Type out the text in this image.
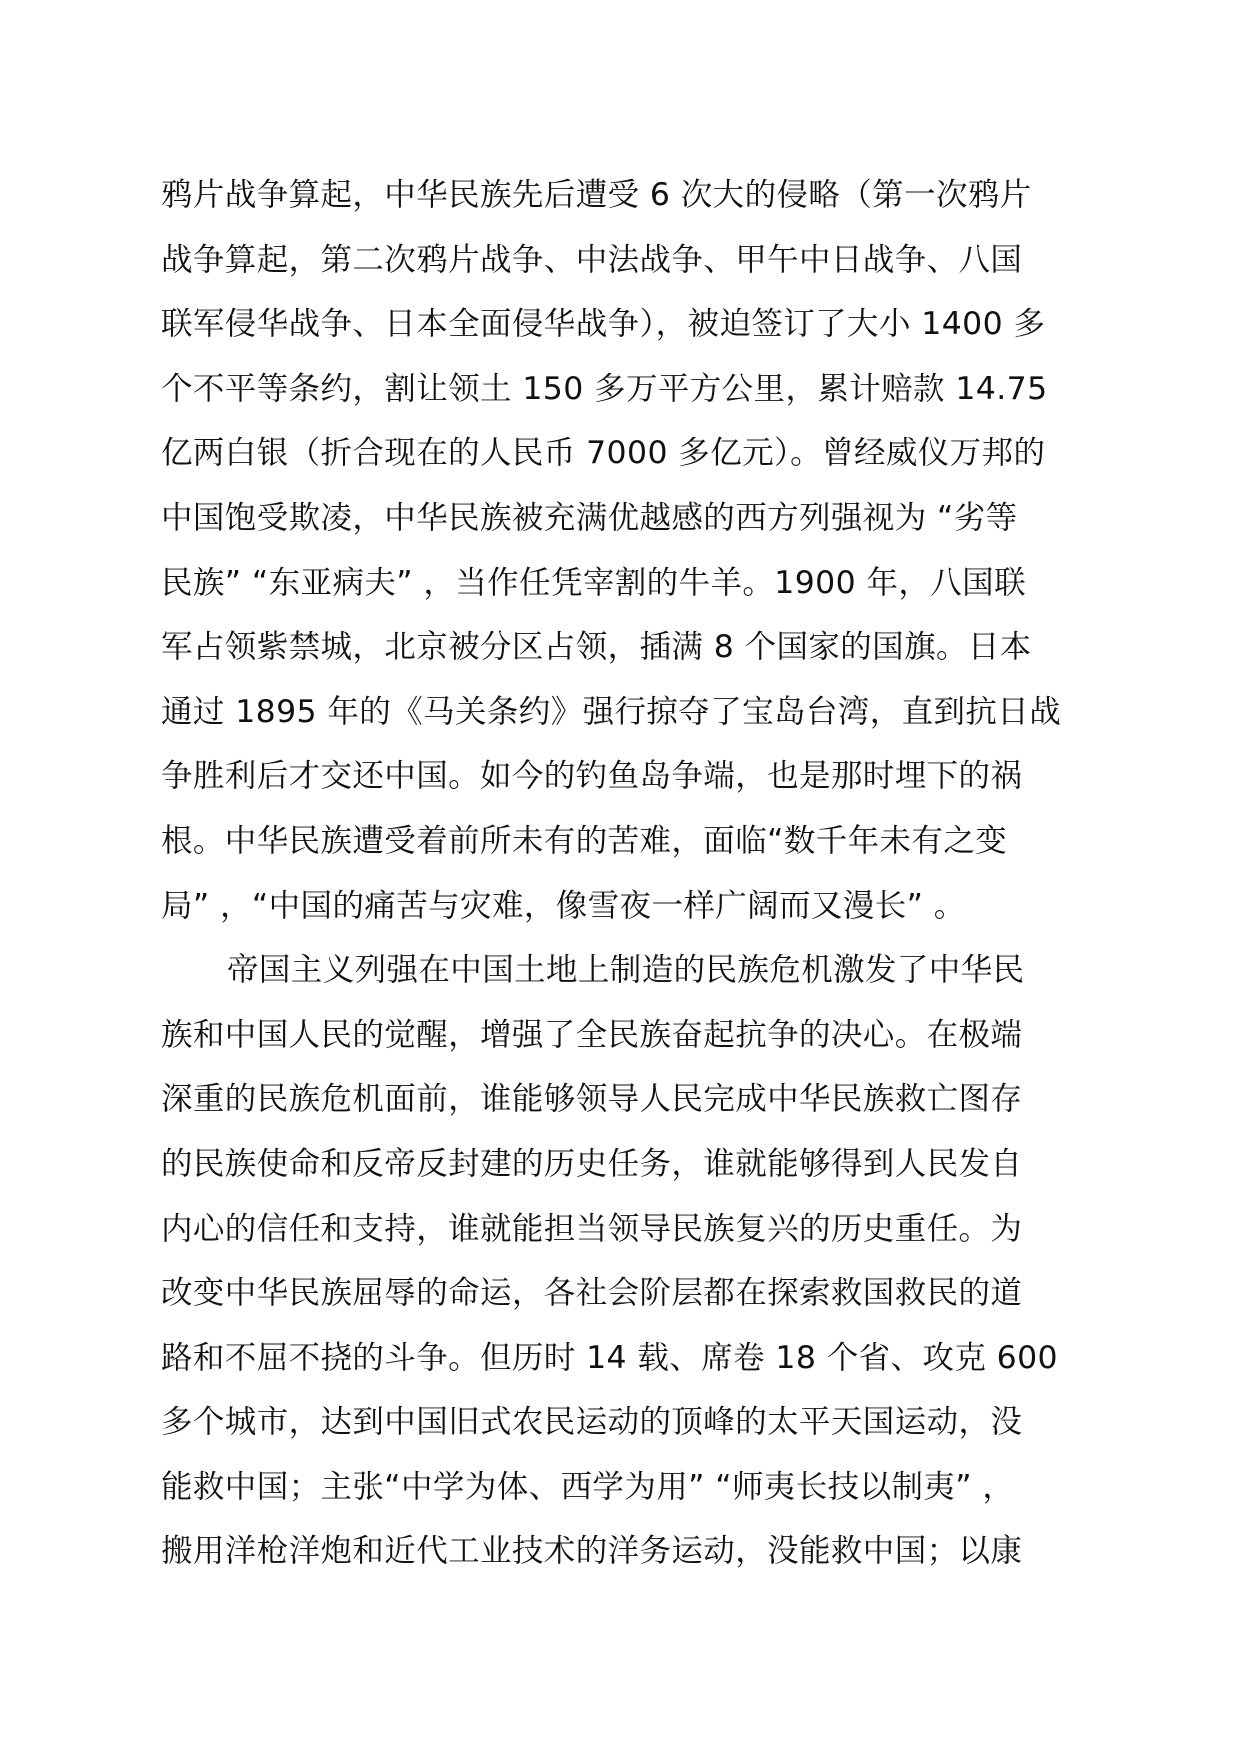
鸦片战争算起，中华民族先后遭受 6 次大的侵略（第一次鸦片
战争算起，第二次鸦片战争、中法战争、甲午中日战争、八国
联军侵华战争、日本全面侵华战争），被迫签订了大小 1400 多
个不平等条约，割让领土 150 多万平方公里，累计赔款 14.75
亿两白银（折合现在的人民币 7000 多亿元）。曾经威仪万邦的
中国饱受欺凌，中华民族被充满优越感的西方列强视为 “劣等
民族” “东亚病夫” ，当作任凭宰割的牛羊。1900 年，八国联
军占领紫禁城，北京被分区占领，插满 8 个国家的国旗。日本
通过 1895 年的《马关条约》强行掠夺了宝岛台湾，直到抗日战
争胜利后才交还中国。如今的钓鱼岛争端，也是那时埋下的祸
根。中华民族遭受着前所未有的苦难，面临“数千年未有之变
局” ，“中国的痛苦与灾难，像雪夜一样广阔而又漫长” 。
帝国主义列强在中国土地上制造的民族危机激发了中华民
族和中国人民的觉醒，增强了全民族奋起抗争的决心。在极端
深重的民族危机面前，谁能够领导人民完成中华民族救亡图存
的民族使命和反帝反封建的历史任务，谁就能够得到人民发自
内心的信任和支持，谁就能担当领导民族复兴的历史重任。为
改变中华民族屈辱的命运，各社会阶层都在探索救国救民的道
路和不屈不挠的斗争。但历时 14 载、席卷 18 个省、攻克 600
多个城市，达到中国旧式农民运动的顶峰的太平天国运动，没
能救中国；主张“中学为体、西学为用” “师夷长技以制夷” ，
搬用洋枪洋炮和近代工业技术的洋务运动，没能救中国；以康
